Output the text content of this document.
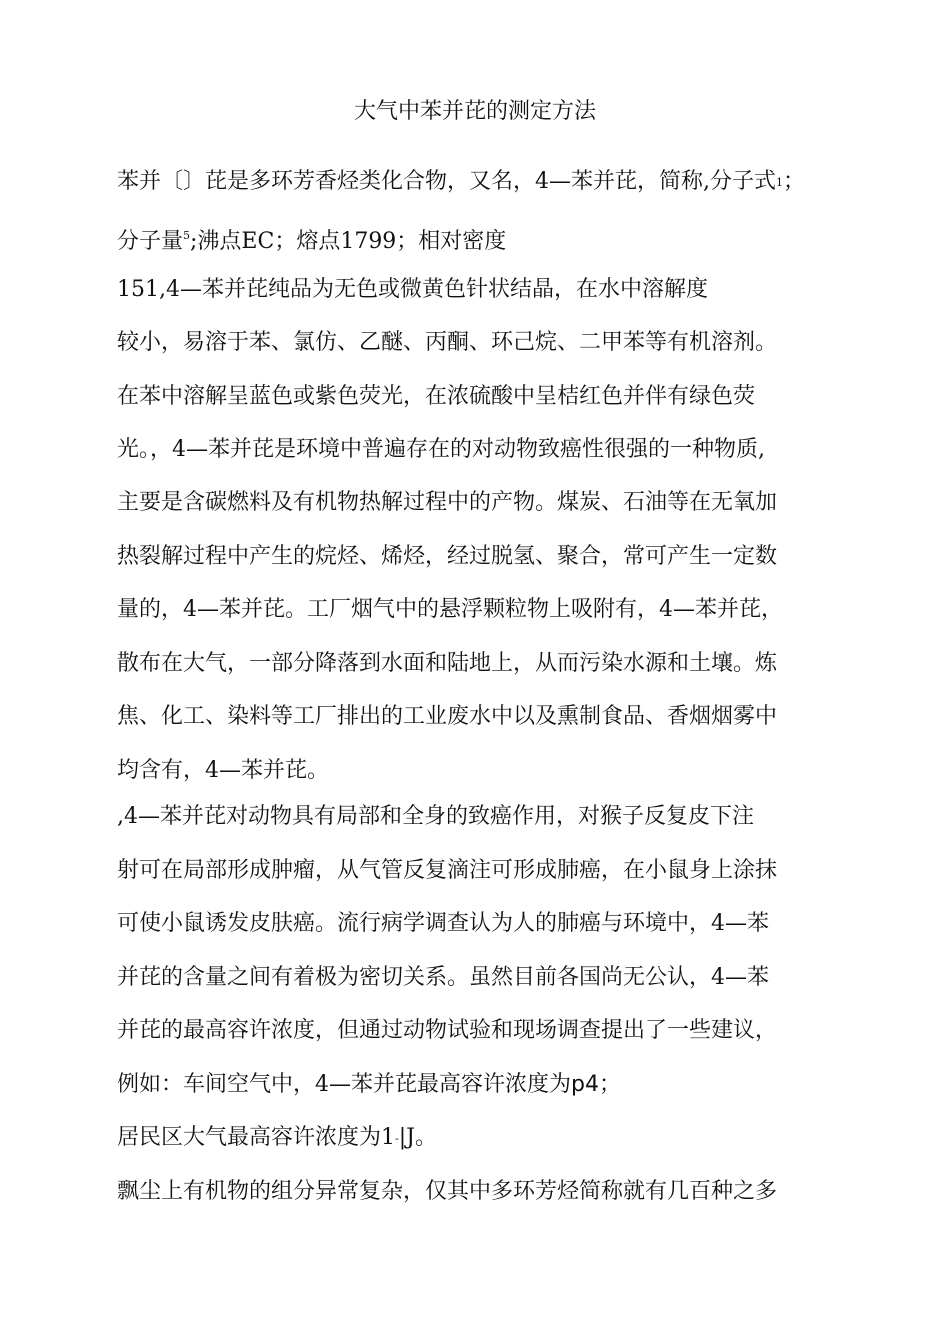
大气中苯并芘的测定方法
苯并〔〕芘是多环芳香烃类化合物，又名，4—苯并芘，简称,分子式1；
分子量$^5$;沸点EC；熔点1799；相对密度
151,4—苯并芘纯品为无色或微黄色针状结晶，在水中溶解度
较小，易溶于苯、氯仿、乙醚、丙酮、环己烷、二甲苯等有机溶剂。
在苯中溶解呈蓝色或紫色荧光，在浓硫酸中呈桔红色并伴有绿色荧
光。，4—苯并芘是环境中普遍存在的对动物致癌性很强的一种物质,
主要是含碳燃料及有机物热解过程中的产物。煤炭、石油等在无氧加
热裂解过程中产生的烷烃、烯烃，经过脱氢、聚合，常可产生一定数
量的，4—苯并芘。工厂烟气中的悬浮颗粒物上吸附有，4—苯并芘，
散布在大气，一部分降落到水面和陆地上，从而污染水源和土壤。炼
焦、化工、染料等工厂排出的工业废水中以及熏制食品、香烟烟雾中
均含有，4—苯并芘。
,4—苯并芘对动物具有局部和全身的致癌作用，对猴子反复皮下注
射可在局部形成肿瘤，从气管反复滴注可形成肺癌，在小鼠身上涂抹
可使小鼠诱发皮肤癌。流行病学调查认为人的肺癌与环境中，4—苯
并芘的含量之间有着极为密切关系。虽然目前各国尚无公认，4—苯
并芘的最高容许浓度，但通过动物试验和现场调查提出了一些建议，
例如：车间空气中，4—苯并芘最高容许浓度为p4；
居民区大气最高容许浓度为1-|J。
飘尘上有机物的组分异常复杂，仅其中多环芳烃简称就有几百种之多
